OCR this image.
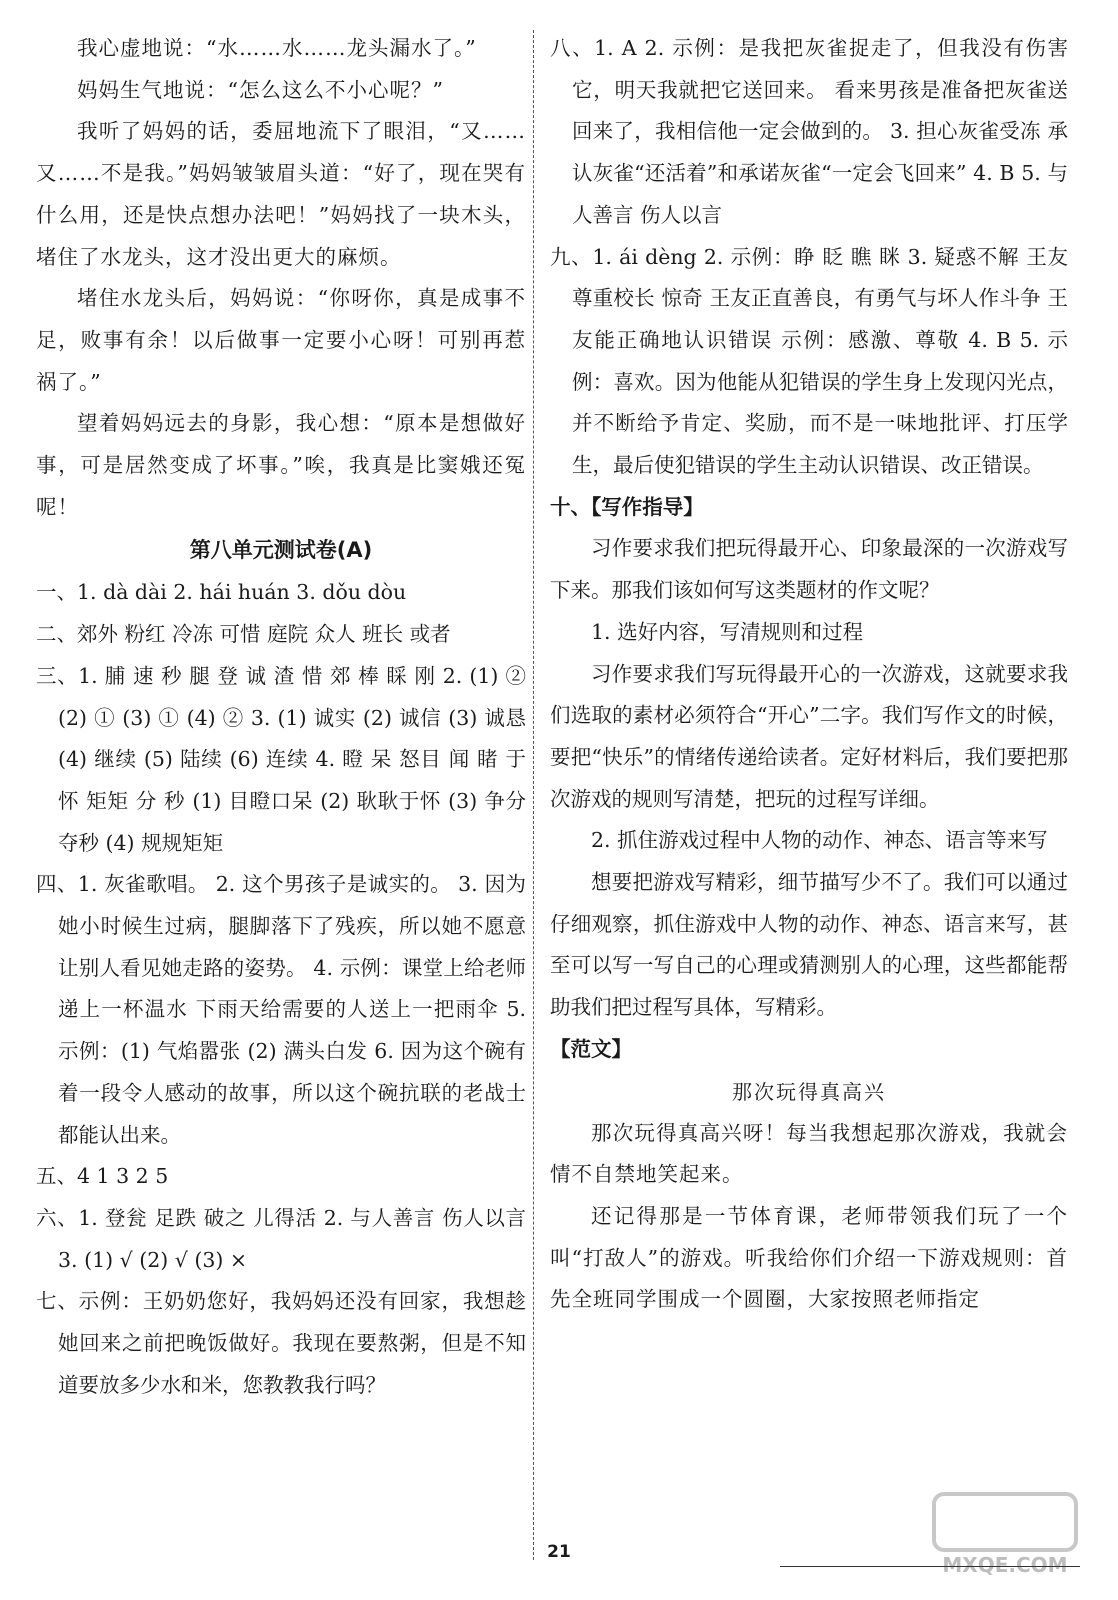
我心虚地说：“水……水……龙头漏水了。”

妈妈生气地说：“怎么这么不小心呢？”

我听了妈妈的话，委屈地流下了眼泪，“又……又……不是我。”妈妈皱皱眉头道：“好了，现在哭有什么用，还是快点想办法吧！”妈妈找了一块木头，堵住了水龙头，这才没出更大的麻烦。

堵住水龙头后，妈妈说：“你呀你，真是成事不足，败事有余！以后做事一定要小心呀！可别再惹祸了。”

望着妈妈远去的身影，我心想：“原本是想做好事，可是居然变成了坏事。”唉，我真是比窦娥还冤呢！

第八单元测试卷(A)

一、1. dà dài 2. hái huán 3. dǒu dòu

二、郊外 粉红 冷冻 可惜 庭院 众人 班长 或者

三、1. 脯 速 秒 腿 登 诚 渣 惜 郊 棒 睬 刚 2. (1) ② (2) ① (3) ① (4) ② 3. (1) 诚实 (2) 诚信 (3) 诚恳 (4) 继续 (5) 陆续 (6) 连续 4. 瞪 呆 怒目 闻 睹 于怀 矩矩 分 秒 (1) 目瞪口呆 (2) 耿耿于怀 (3) 争分夺秒 (4) 规规矩矩

四、1. 灰雀歌唱。 2. 这个男孩子是诚实的。 3. 因为她小时候生过病，腿脚落下了残疾，所以她不愿意让别人看见她走路的姿势。 4. 示例：课堂上给老师递上一杯温水 下雨天给需要的人送上一把雨伞 5. 示例：(1) 气焰嚣张 (2) 满头白发 6. 因为这个碗有着一段令人感动的故事，所以这个碗抗联的老战士都能认出来。

五、4 1 3 2 5

六、1. 登瓮 足跌 破之 儿得活 2. 与人善言 伤人以言 3. (1) √ (2) √ (3) ×

七、示例：王奶奶您好，我妈妈还没有回家，我想趁她回来之前把晚饭做好。我现在要熬粥，但是不知道要放多少水和米，您教教我行吗？

八、1. A 2. 示例：是我把灰雀捉走了，但我没有伤害它，明天我就把它送回来。 看来男孩是准备把灰雀送回来了，我相信他一定会做到的。 3. 担心灰雀受冻 承认灰雀“还活着”和承诺灰雀“一定会飞回来” 4. B 5. 与人善言 伤人以言

九、1. ái dèng 2. 示例：睁 眨 瞧 眯 3. 疑惑不解 王友尊重校长 惊奇 王友正直善良，有勇气与坏人作斗争 王友能正确地认识错误 示例：感激、尊敬 4. B 5. 示例：喜欢。因为他能从犯错误的学生身上发现闪光点，并不断给予肯定、奖励，而不是一味地批评、打压学生，最后使犯错误的学生主动认识错误、改正错误。

十、【写作指导】

习作要求我们把玩得最开心、印象最深的一次游戏写下来。那我们该如何写这类题材的作文呢？

1. 选好内容，写清规则和过程

习作要求我们写玩得最开心的一次游戏，这就要求我们选取的素材必须符合“开心”二字。我们写作文的时候，要把“快乐”的情绪传递给读者。定好材料后，我们要把那次游戏的规则写清楚，把玩的过程写详细。

2. 抓住游戏过程中人物的动作、神态、语言等来写

想要把游戏写精彩，细节描写少不了。我们可以通过仔细观察，抓住游戏中人物的动作、神态、语言来写，甚至可以写一写自己的心理或猜测别人的心理，这些都能帮助我们把过程写具体，写精彩。

【范文】

那次玩得真高兴

那次玩得真高兴呀！每当我想起那次游戏，我就会情不自禁地笑起来。

还记得那是一节体育课，老师带领我们玩了一个叫“打敌人”的游戏。听我给你们介绍一下游戏规则：首先全班同学围成一个圆圈，大家按照老师指定

MXQE.COM
21
